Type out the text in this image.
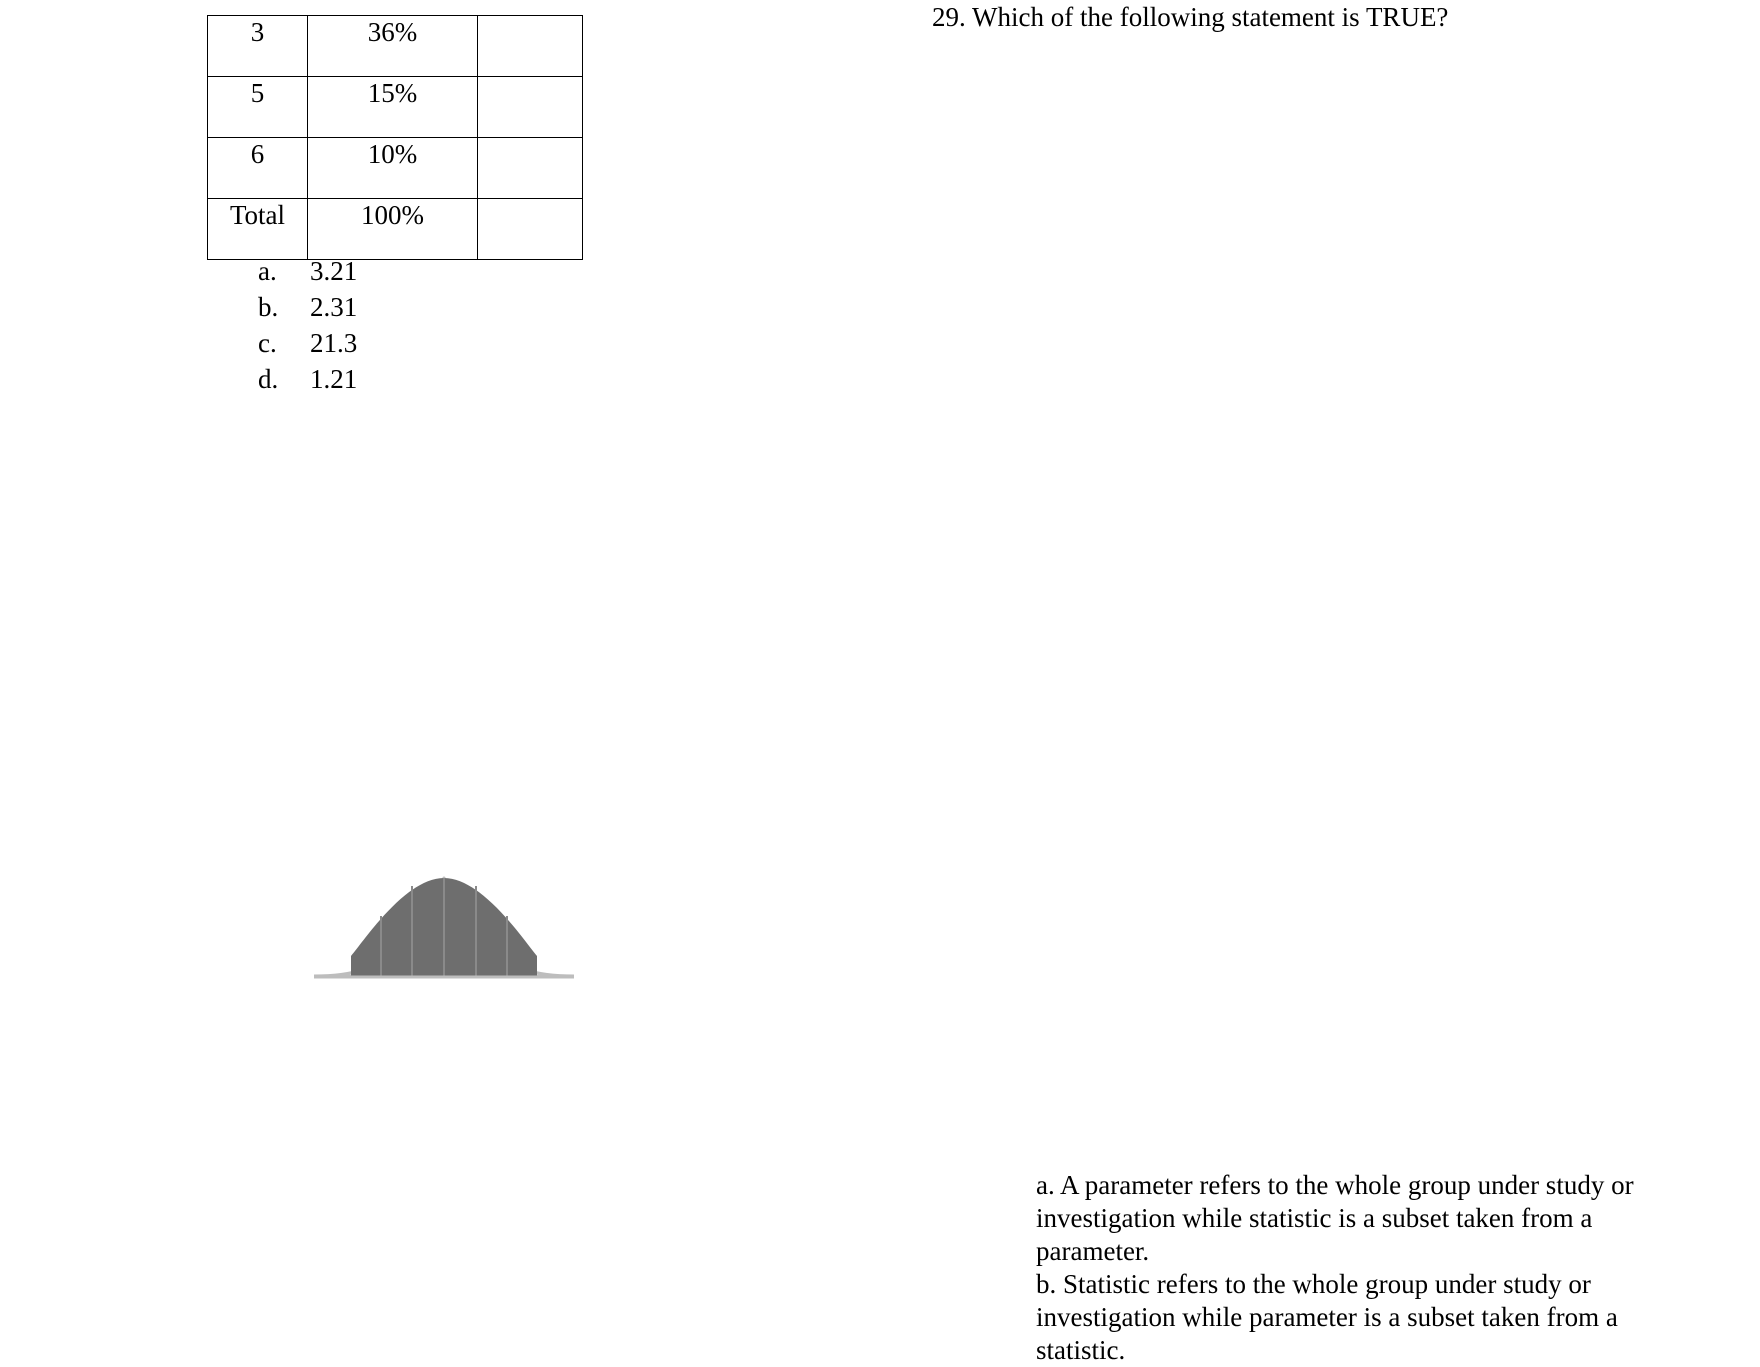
3	36%	
5	15%	
6	10%	
Total	100%	
a. 3.21
b. 2.31
c. 21.3
d. 1.21
29. Which of the following statement is TRUE?

a. A parameter refers to the whole group under study or investigation while statistic is a subset taken from a parameter.

b. Statistic refers to the whole group under study or investigation while parameter is a subset taken from a statistic.
